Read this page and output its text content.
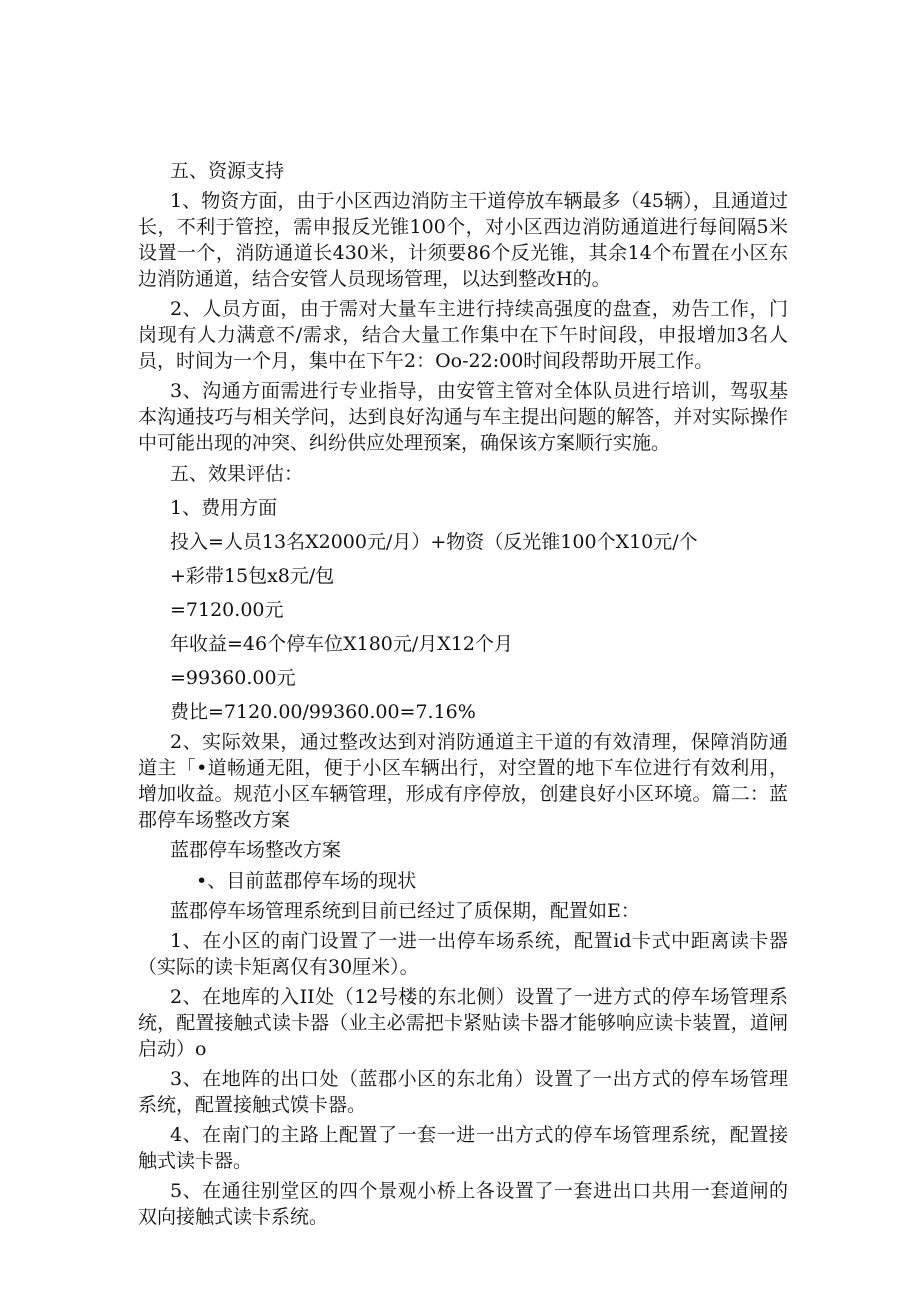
五、资源支持

1、物资方面，由于小区西边消防主干道停放车辆最多（45辆），且通道过长，不利于管控，需申报反光锥100个，对小区西边消防通道进行每间隔5米设置一个，消防通道长430米，计须要86个反光锥，其余14个布置在小区东边消防通道，结合安管人员现场管理，以达到整改H的。

2、人员方面，由于需对大量车主进行持续高强度的盘查，劝告工作，门岗现有人力满意不/需求，结合大量工作集中在下午时间段，申报增加3名人员，时间为一个月，集中在下午2：Oo-22:00时间段帮助开展工作。

3、沟通方面需进行专业指导，由安管主管对全体队员进行培训，驾驭基本沟通技巧与相关学问，达到良好沟通与车主提出问题的解答，并对实际操作中可能出现的冲突、纠纷供应处理预案，确保该方案顺行实施。

五、效果评估：

1、费用方面

投入=人员13名X2000元/月）+物资（反光锥100个X10元/个

+彩带15包x8元/包

=7120.00元

年收益=46个停车位X180元/月X12个月

=99360.00元

费比=7120.00/99360.00=7.16%

2、实际效果，通过整改达到对消防通道主干道的有效清理，保障消防通道主「•道畅通无阻，便于小区车辆出行，对空置的地下车位进行有效利用，增加收益。规范小区车辆管理，形成有序停放，创建良好小区环境。篇二：蓝郡停车场整改方案

蓝郡停车场整改方案

•、目前蓝郡停车场的现状

蓝郡停车场管理系统到目前已经过了质保期，配置如E：

1、在小区的南门设置了一进一出停车场系统，配置id卡式中距离读卡器（实际的读卡矩离仅有30厘米）。

2、在地库的入II处（12号楼的东北侧）设置了一进方式的停车场管理系统，配置接触式读卡器（业主必需把卡紧贴读卡器才能够响应读卡装置，道闸启动）o

3、在地阵的出口处（蓝郡小区的东北角）设置了一出方式的停车场管理系统，配置接触式馍卡器。

4、在南门的主路上配置了一套一进一出方式的停车场管理系统，配置接触式读卡器。

5、在通往别堂区的四个景观小桥上各设置了一套进出口共用一套道闸的双向接触式读卡系统。
